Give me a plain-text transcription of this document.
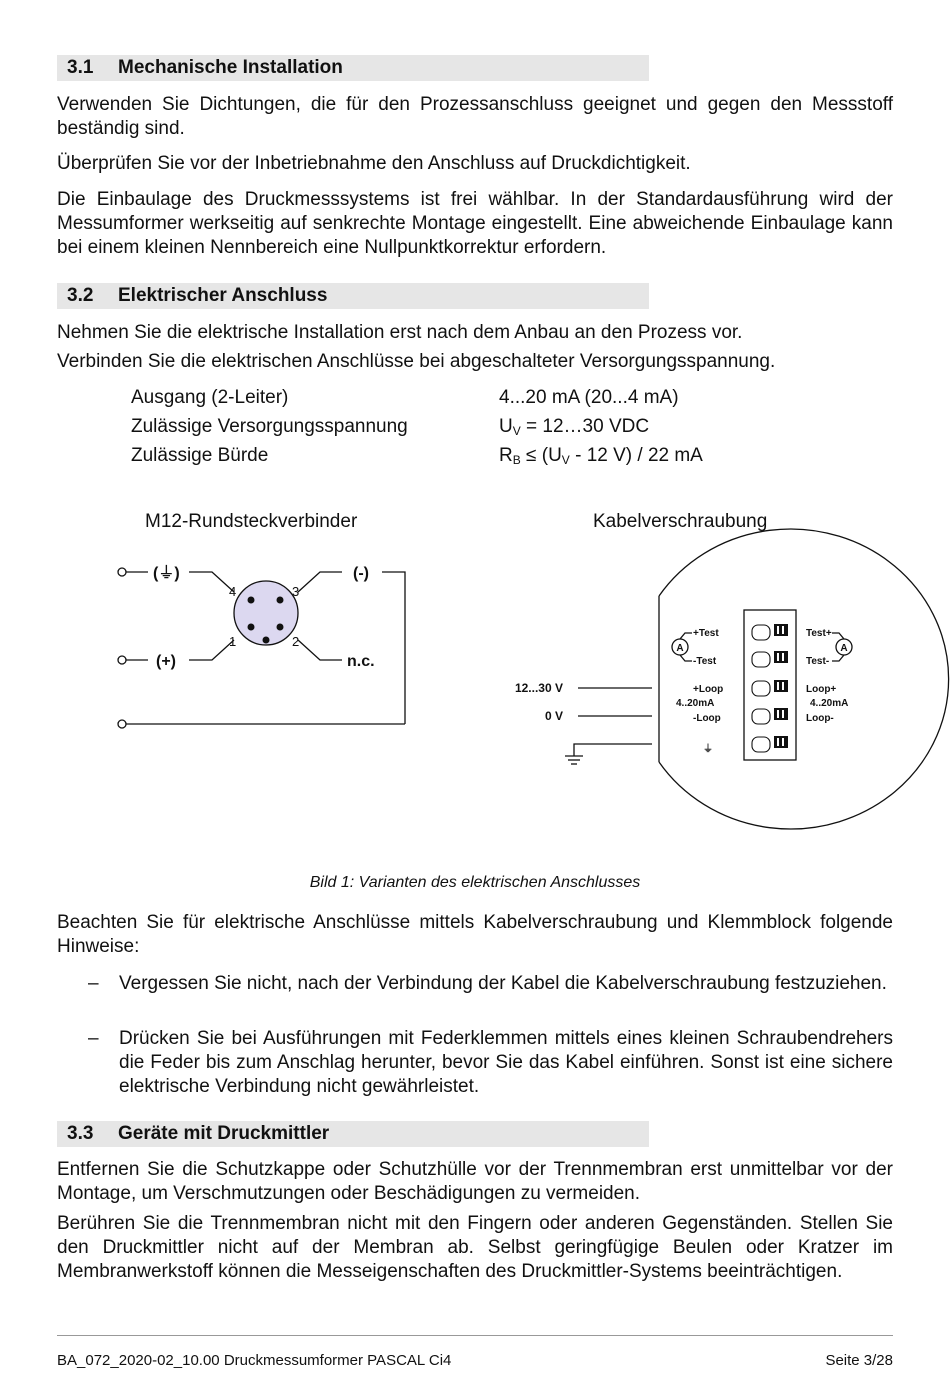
3.1 Mechanische Installation

Verwenden Sie Dichtungen, die für den Prozessanschluss geeignet und gegen den Messstoff beständig sind.

Überprüfen Sie vor der Inbetriebnahme den Anschluss auf Druckdichtigkeit.

Die Einbaulage des Druckmesssystems ist frei wählbar. In der Standardausführung wird der Messumformer werkseitig auf senkrechte Montage eingestellt. Eine abweichende Einbaulage kann bei einem kleinen Nennbereich eine Nullpunktkorrektur erfordern.

3.2 Elektrischer Anschluss

Nehmen Sie die elektrische Installation erst nach dem Anbau an den Prozess vor.

Verbinden Sie die elektrischen Anschlüsse bei abgeschalteter Versorgungsspannung.

Ausgang (2-Leiter)	4...20 mA (20...4 mA)
Zulässige Versorgungsspannung	$U_V$ = 12…30 VDC
Zulässige Bürde	$R_B \le (U_V - 12$ V) / 22 mA
M12-Rundsteckverbinder	Kabelverschraubung
(⏚)	(-)
(+)	n.c.
4	3
1	2
+Test
-Test
+Loop
4..20mA
-Loop
⏚
Test+
Test-
Loop+
4..20mA
Loop-
A	A
12...30 V
0 V
Bild 1: Varianten des elektrischen Anschlusses

Beachten Sie für elektrische Anschlüsse mittels Kabelverschraubung und Klemmblock folgende Hinweise:

– Vergessen Sie nicht, nach der Verbindung der Kabel die Kabelverschraubung festzuziehen.
– Drücken Sie bei Ausführungen mit Federklemmen mittels eines kleinen Schraubendrehers die Feder bis zum Anschlag herunter, bevor Sie das Kabel einführen. Sonst ist eine sichere elektrische Verbindung nicht gewährleistet.
3.3 Geräte mit Druckmittler

Entfernen Sie die Schutzkappe oder Schutzhülle vor der Trennmembran erst unmittelbar vor der Montage, um Verschmutzungen oder Beschädigungen zu vermeiden.

Berühren Sie die Trennmembran nicht mit den Fingern oder anderen Gegenständen. Stellen Sie den Druckmittler nicht auf der Membran ab. Selbst geringfügige Beulen oder Kratzer im Membranwerkstoff können die Messeigenschaften des Druckmittler-Systems beeinträchtigen.

BA_072_2020-02_10.00 Druckmessumformer PASCAL Ci4	Seite 3/28
